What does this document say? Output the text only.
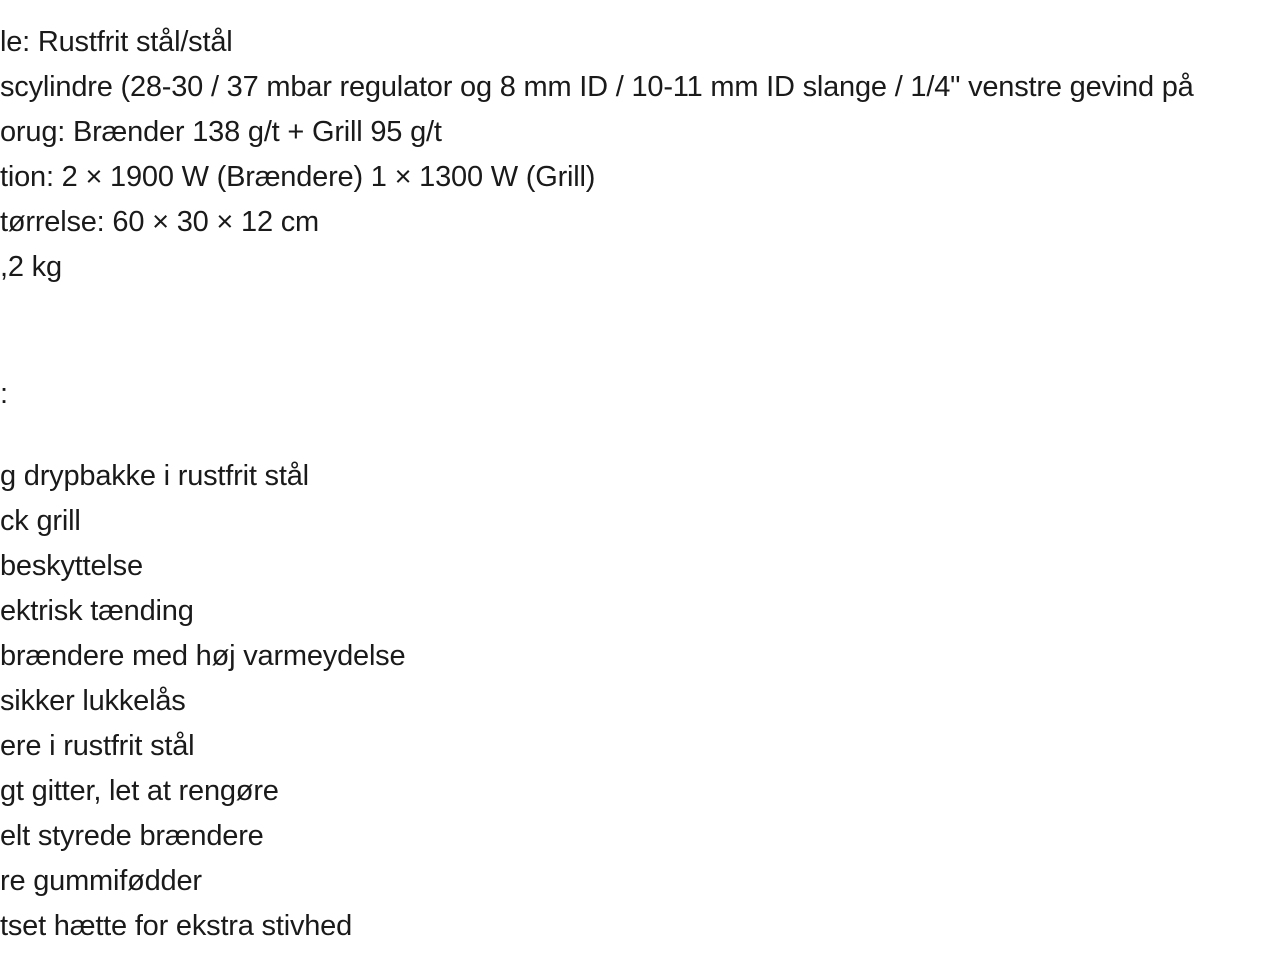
le: Rustfrit stål/stål
scylindre (28-30 / 37 mbar regulator og 8 mm ID / 10-11 mm ID slange / 1/4" venstre gevind på
orug: Brænder 138 g/t + Grill 95 g/t
tion: 2 × 1900 W (Brændere) 1 × 1300 W (Grill)
tørrelse: 60 × 30 × 12 cm
,2 kg
:
g drypbakke i rustfrit stål
ck grill
beskyttelse
ektrisk tænding
brændere med høj varmeydelse
sikker lukkelås
ere i rustfrit stål
gt gitter, let at rengøre
elt styrede brændere
re gummifødder
tset hætte for ekstra stivhed
